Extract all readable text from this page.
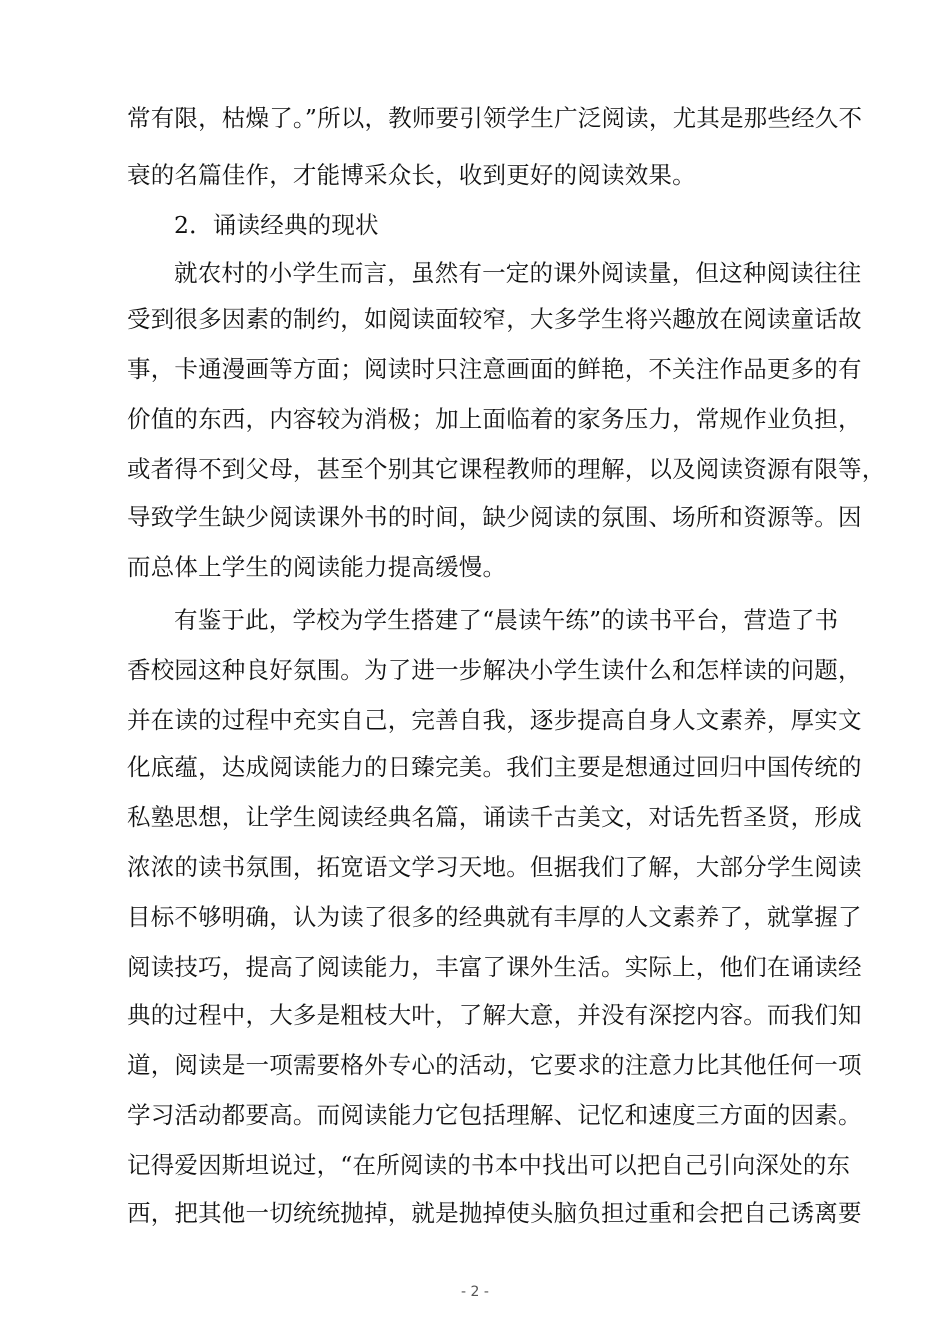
常有限，枯燥了。”所以，教师要引领学生广泛阅读，尤其是那些经久不
衰的名篇佳作，才能博采众长，收到更好的阅读效果。
2．诵读经典的现状
就农村的小学生而言，虽然有一定的课外阅读量，但这种阅读往往
受到很多因素的制约，如阅读面较窄，大多学生将兴趣放在阅读童话故
事，卡通漫画等方面；阅读时只注意画面的鲜艳，不关注作品更多的有
价值的东西，内容较为消极；加上面临着的家务压力，常规作业负担，
或者得不到父母，甚至个别其它课程教师的理解，以及阅读资源有限等，
导致学生缺少阅读课外书的时间，缺少阅读的氛围、场所和资源等。因
而总体上学生的阅读能力提高缓慢。
有鉴于此，学校为学生搭建了“晨读午练”的读书平台，营造了书
香校园这种良好氛围。为了进一步解决小学生读什么和怎样读的问题，
并在读的过程中充实自己，完善自我，逐步提高自身人文素养，厚实文
化底蕴，达成阅读能力的日臻完美。我们主要是想通过回归中国传统的
私塾思想，让学生阅读经典名篇，诵读千古美文，对话先哲圣贤，形成
浓浓的读书氛围，拓宽语文学习天地。但据我们了解，大部分学生阅读
目标不够明确，认为读了很多的经典就有丰厚的人文素养了，就掌握了
阅读技巧，提高了阅读能力，丰富了课外生活。实际上，他们在诵读经
典的过程中，大多是粗枝大叶，了解大意，并没有深挖内容。而我们知
道，阅读是一项需要格外专心的活动，它要求的注意力比其他任何一项
学习活动都要高。而阅读能力它包括理解、记忆和速度三方面的因素。
记得爱因斯坦说过，“在所阅读的书本中找出可以把自己引向深处的东
西，把其他一切统统抛掉，就是抛掉使头脑负担过重和会把自己诱离要
- 2 -
